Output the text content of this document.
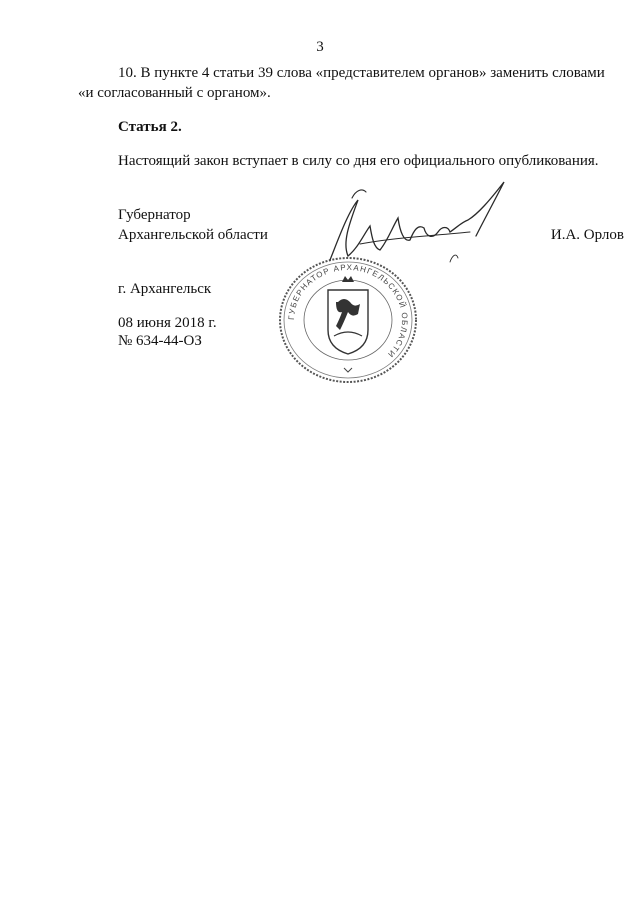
3
10. В пункте 4 статьи 39 слова «представителем органов» заменить словами
«и согласованный с органом».
Статья 2.
Настоящий закон вступает в силу со дня его официального опубликования.
Губернатор
Архангельской области	И.А. Орлов
г. Архангельск
08 июня 2018 г.
№ 634-44-ОЗ
ГУБЕРНАТОР АРХАНГЕЛЬСКОЙ ОБЛАСТИ
